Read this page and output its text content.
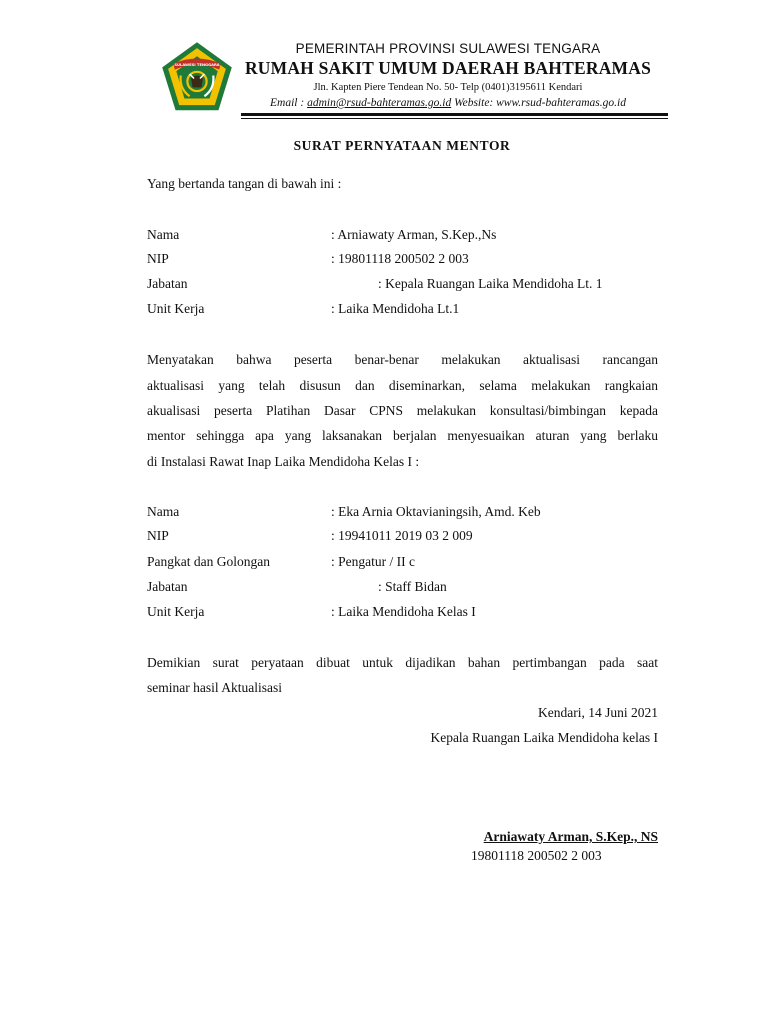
SULAWESI TENGGARA
PEMERINTAH PROVINSI SULAWESI TENGARA
RUMAH SAKIT UMUM DAERAH BAHTERAMAS
Jln. Kapten Piere Tendean No. 50- Telp (0401)3195611 Kendari
Email : admin@rsud-bahteramas.go.id Website: www.rsud-bahteramas.go.id
SURAT PERNYATAAN MENTOR
Yang bertanda tangan di bawah ini :
Nama	: Arniawaty Arman, S.Kep.,Ns
NIP	: 19801118 200502 2 003
Jabatan	: Kepala Ruangan Laika Mendidoha Lt. 1
Unit Kerja	: Laika Mendidoha Lt.1
Menyatakan bahwa peserta benar-benar melakukan aktualisasi rancangan
aktualisasi yang telah disusun dan diseminarkan, selama melakukan rangkaian
akualisasi peserta Platihan Dasar CPNS melakukan konsultasi/bimbingan kepada
mentor sehingga apa yang laksanakan berjalan menyesuaikan aturan yang berlaku
di Instalasi Rawat Inap Laika Mendidoha Kelas I :
Nama	: Eka Arnia Oktavianingsih, Amd. Keb
NIP	: 19941011 2019 03 2 009
Pangkat dan Golongan	: Pengatur / II c
Jabatan	: Staff Bidan
Unit Kerja	: Laika Mendidoha Kelas I
Demikian surat peryataan dibuat untuk dijadikan bahan pertimbangan pada saat
seminar hasil Aktualisasi
Kendari, 14 Juni 2021
Kepala Ruangan Laika Mendidoha kelas I
Arniawaty Arman, S.Kep., NS
19801118 200502 2 003
